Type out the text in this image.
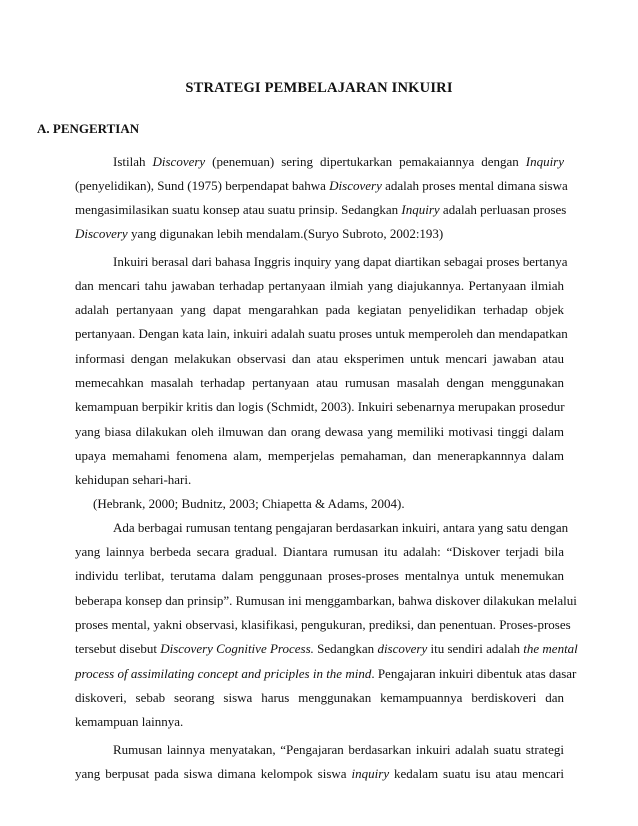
STRATEGI PEMBELAJARAN INKUIRI
A. PENGERTIAN
Istilah Discovery (penemuan) sering dipertukarkan pemakaiannya dengan Inquiry
(penyelidikan), Sund (1975) berpendapat bahwa Discovery adalah proses mental dimana siswa
mengasimilasikan suatu konsep atau suatu prinsip. Sedangkan Inquiry adalah perluasan proses
Discovery yang digunakan lebih mendalam.(Suryo Subroto, 2002:193)
Inkuiri berasal dari bahasa Inggris inquiry yang dapat diartikan sebagai proses bertanya
dan mencari tahu jawaban terhadap pertanyaan ilmiah yang diajukannya. Pertanyaan ilmiah
adalah pertanyaan yang dapat mengarahkan pada kegiatan penyelidikan terhadap objek
pertanyaan. Dengan kata lain, inkuiri adalah suatu proses untuk memperoleh dan mendapatkan
informasi dengan melakukan observasi dan atau eksperimen untuk mencari jawaban atau
memecahkan masalah terhadap pertanyaan atau rumusan masalah dengan menggunakan
kemampuan berpikir kritis dan logis (Schmidt, 2003). Inkuiri sebenarnya merupakan prosedur
yang biasa dilakukan oleh ilmuwan dan orang dewasa yang memiliki motivasi tinggi dalam
upaya memahami fenomena alam, memperjelas pemahaman, dan menerapkannnya dalam
kehidupan sehari-hari.
(Hebrank, 2000; Budnitz, 2003; Chiapetta & Adams, 2004).
Ada berbagai rumusan tentang pengajaran berdasarkan inkuiri, antara yang satu dengan
yang lainnya berbeda secara gradual. Diantara rumusan itu adalah: “Diskover terjadi bila
individu terlibat, terutama dalam penggunaan proses-proses mentalnya untuk menemukan
beberapa konsep dan prinsip”. Rumusan ini menggambarkan, bahwa diskover dilakukan melalui
proses mental, yakni observasi, klasifikasi, pengukuran, prediksi, dan penentuan. Proses-proses
tersebut disebut Discovery Cognitive Process. Sedangkan discovery itu sendiri adalah the mental
process of assimilating concept and priciples in the mind. Pengajaran inkuiri dibentuk atas dasar
diskoveri, sebab seorang siswa harus menggunakan kemampuannya berdiskoveri dan
kemampuan lainnya.
Rumusan lainnya menyatakan, “Pengajaran berdasarkan inkuiri adalah suatu strategi
yang berpusat pada siswa dimana kelompok siswa inquiry kedalam suatu isu atau mencari
